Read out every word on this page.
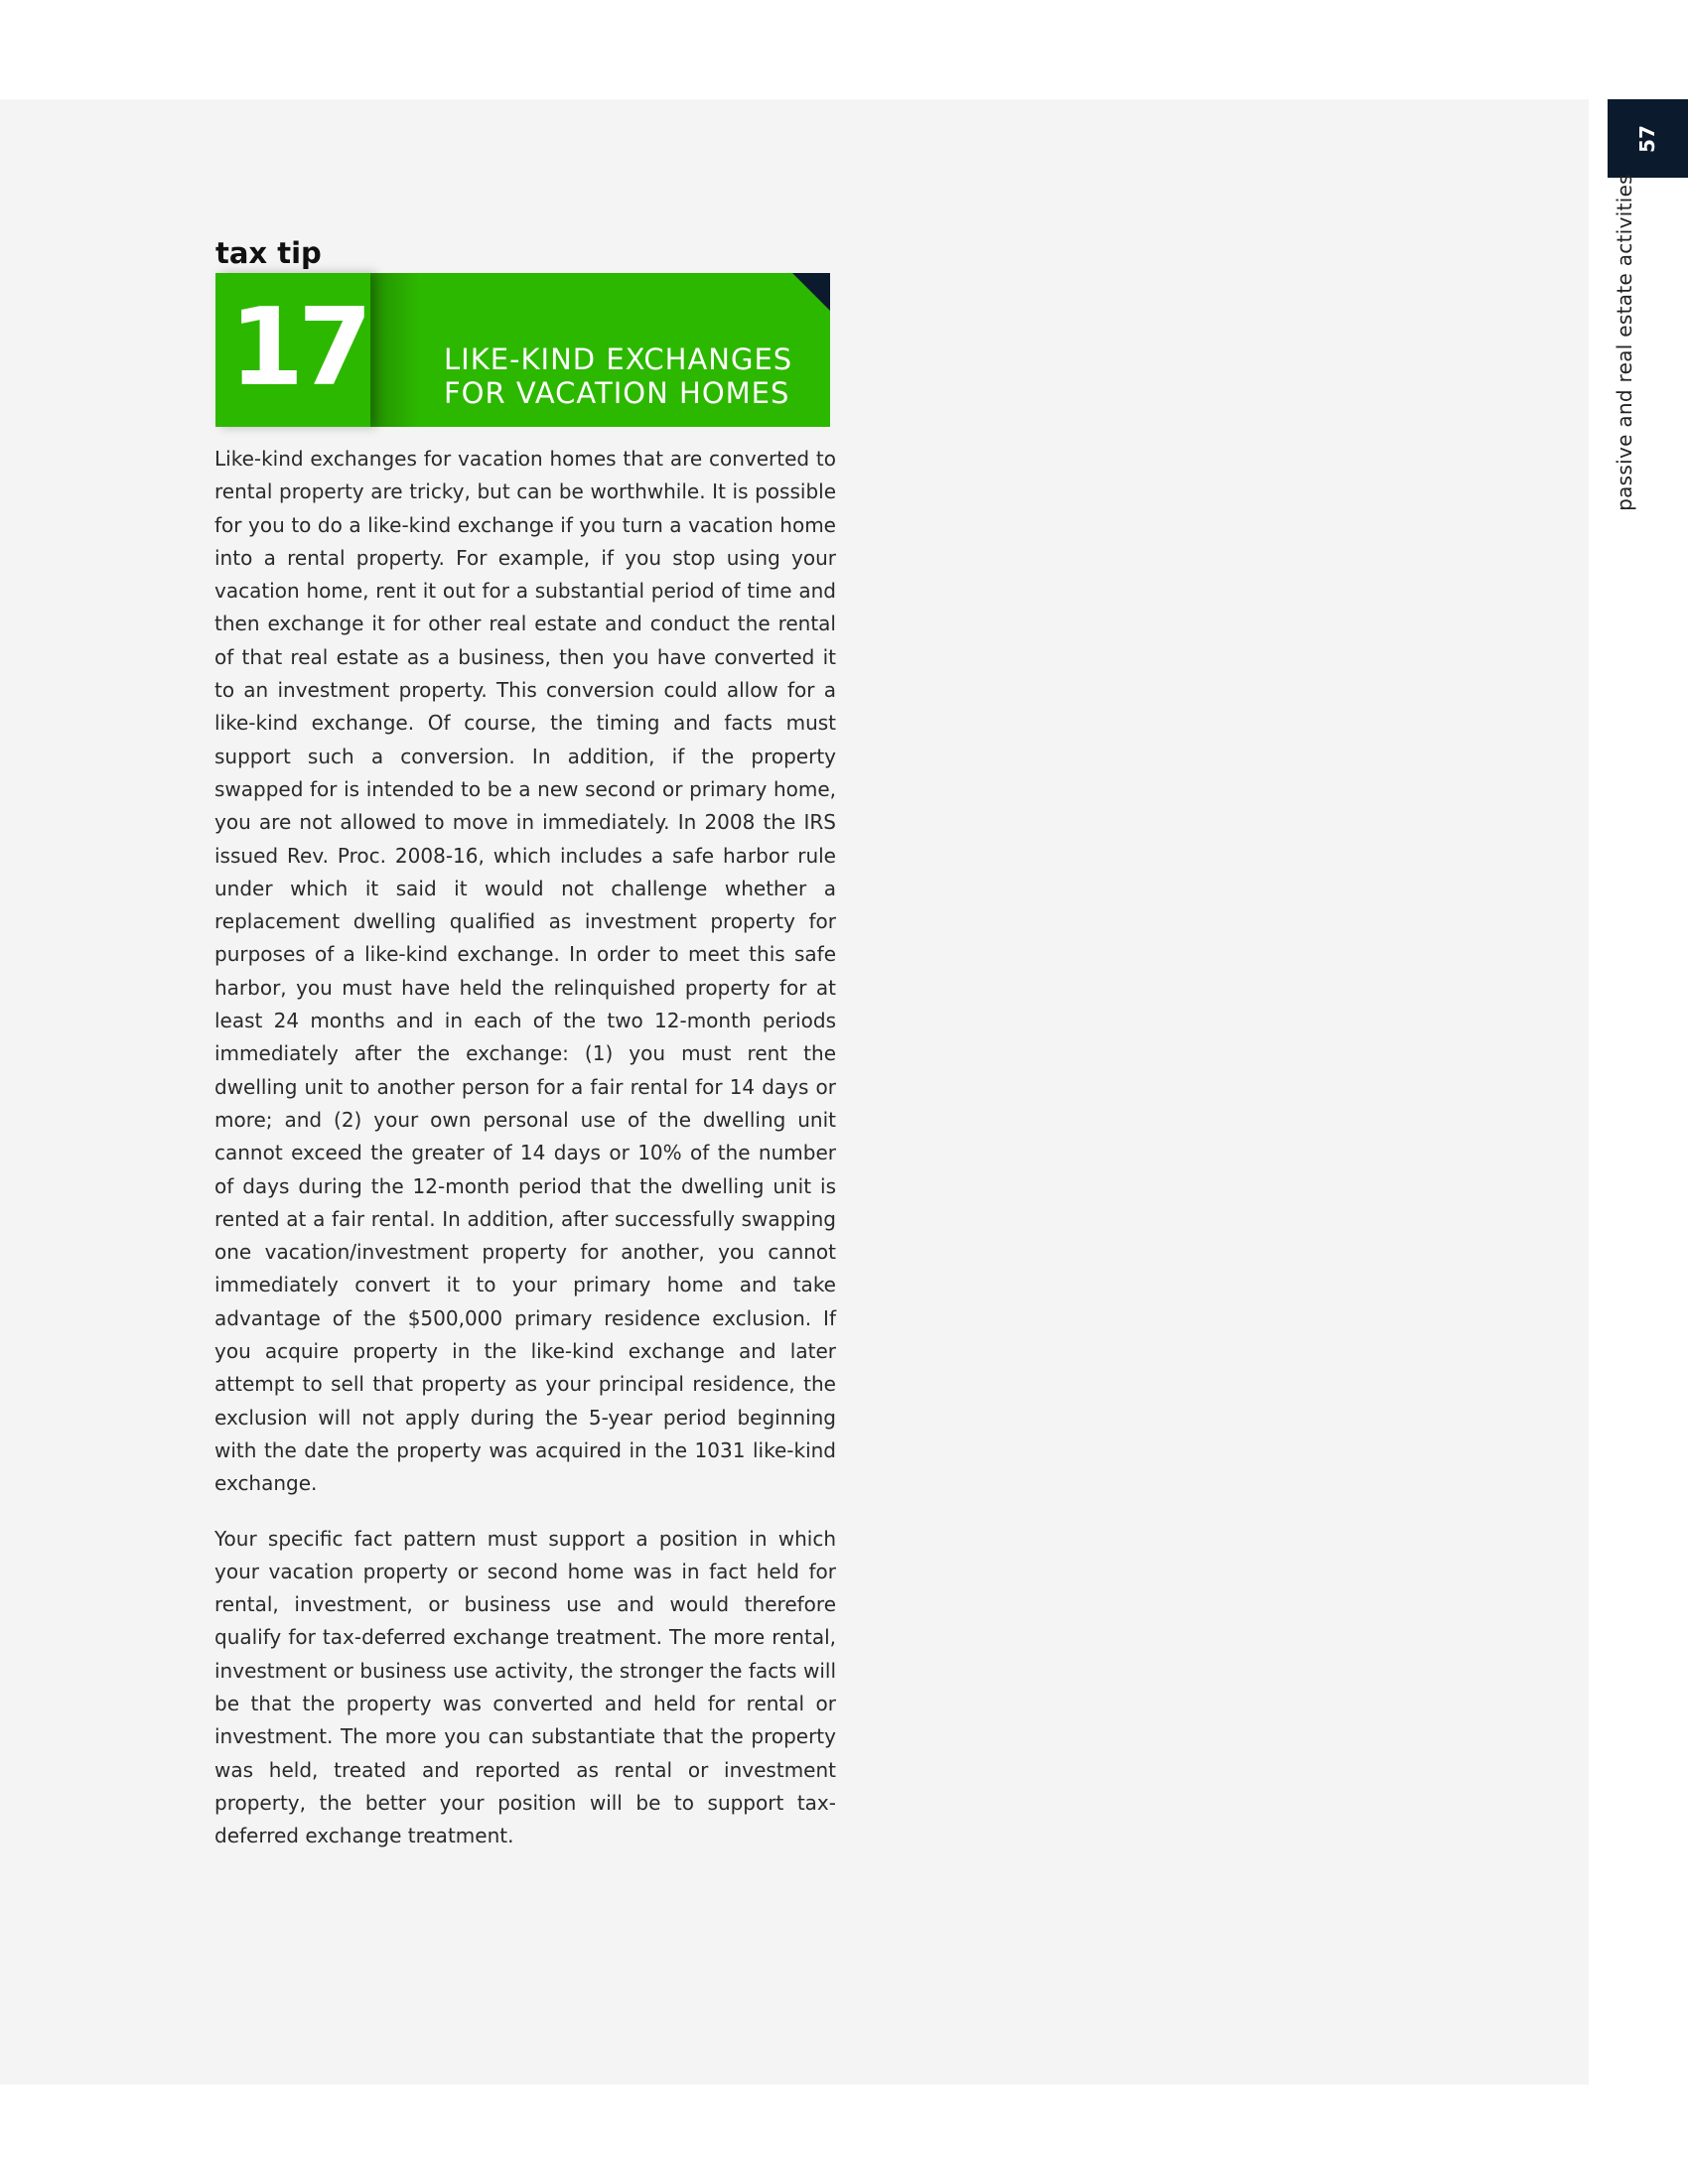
57
passive and real estate activities
tax tip
17	LIKE-KIND EXCHANGES
FOR VACATION HOMES

Like-kind exchanges for vacation homes that are converted to rental property are tricky, but can be worthwhile. It is possible for you to do a like-kind exchange if you turn a vacation home into a rental property. For example, if you stop using your vacation home, rent it out for a substantial period of time and then exchange it for other real estate and conduct the rental of that real estate as a business, then you have converted it to an investment property. This conversion could allow for a like-kind exchange. Of course, the timing and facts must support such a conversion. In addition, if the property swapped for is intended to be a new second or primary home, you are not allowed to move in immediately. In 2008 the IRS issued Rev. Proc. 2008-16, which includes a safe harbor rule under which it said it would not challenge whether a replacement dwelling qualified as investment property for purposes of a like-kind exchange. In order to meet this safe harbor, you must have held the relinquished property for at least 24 months and in each of the two 12-month periods immediately after the exchange: (1) you must rent the dwelling unit to another person for a fair rental for 14 days or more; and (2) your own personal use of the dwelling unit cannot exceed the greater of 14 days or 10% of the number of days during the 12-month period that the dwelling unit is rented at a fair rental. In addition, after successfully swapping one vacation/investment property for another, you cannot immediately convert it to your primary home and take advantage of the $500,000 primary residence exclusion. If you acquire property in the like-kind exchange and later attempt to sell that property as your principal residence, the exclusion will not apply during the 5-year period beginning with the date the property was acquired in the 1031 like-kind exchange.

Your specific fact pattern must support a position in which your vacation property or second home was in fact held for rental, investment, or business use and would therefore qualify for tax-deferred exchange treatment. The more rental, investment or business use activity, the stronger the facts will be that the property was converted and held for rental or investment. The more you can substantiate that the property was held, treated and reported as rental or investment property, the better your position will be to support tax-deferred exchange treatment.
